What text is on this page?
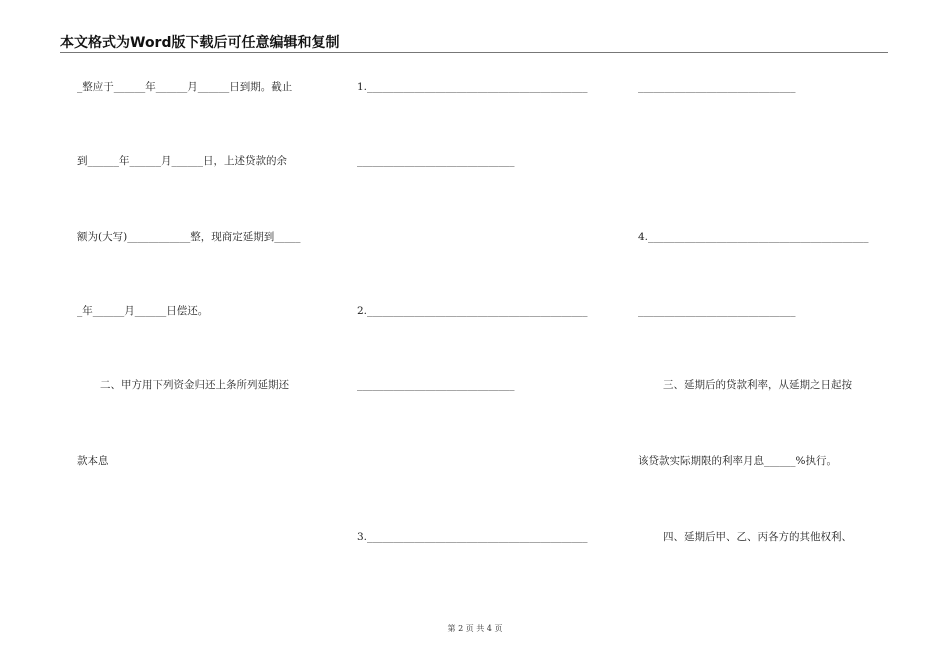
本文格式为Word版下载后可任意编辑和复制
_整应于______年______月______日到期。截止
到______年______月______日，上述贷款的余
额为(大写)____________整，现商定延期到_____
_年______月______日偿还。
二、甲方用下列资金归还上条所列延期还
款本息
1.__________________________________________
______________________________
2.__________________________________________
______________________________
3.__________________________________________
______________________________
4.__________________________________________
______________________________
三、延期后的贷款利率，从延期之日起按
该贷款实际期限的利率月息______%执行。
四、延期后甲、乙、丙各方的其他权利、
第 2 页 共 4 页
